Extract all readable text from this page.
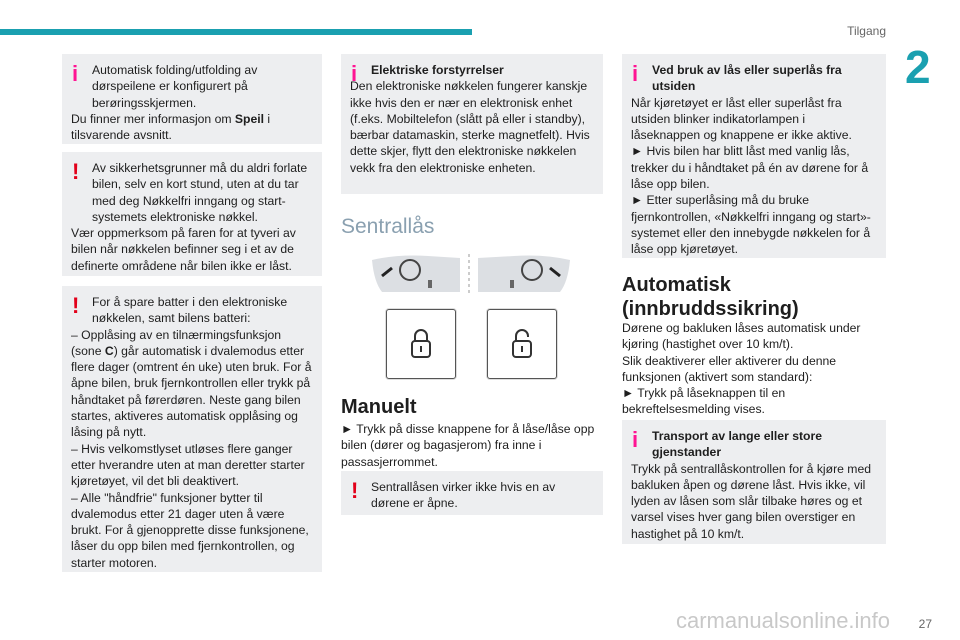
Tilgang
2
i	Automatisk folding/utfolding av dørspeilene er konfigurert på berøringsskjermen.

Du finner mer informasjon om Speil i tilsvarende avsnitt.

!	Av sikkerhetsgrunner må du aldri forlate bilen, selv en kort stund, uten at du tar med deg Nøkkelfri inngang og start-systemets elektroniske nøkkel.

Vær oppmerksom på faren for at tyveri av bilen når nøkkelen befinner seg i et av de definerte områdene når bilen ikke er låst.

!	For å spare batter i den elektroniske nøkkelen, samt bilens batteri:

– Opplåsing av en tilnærmingsfunksjon (sone C) går automatisk i dvalemodus etter flere dager (omtrent én uke) uten bruk. For å åpne bilen, bruk fjernkontrollen eller trykk på håndtaket på førerdøren. Neste gang bilen startes, aktiveres automatisk opplåsing og låsing på nytt.

– Hvis velkomstlyset utløses flere ganger etter hverandre uten at man deretter starter kjøretøyet, vil det bli deaktivert.

– Alle "håndfrie" funksjoner bytter til dvalemodus etter 21 dager uten å være brukt. For å gjenopprette disse funksjonene, låser du opp bilen med fjernkontrollen, og starter motoren.

i	Elektriske forstyrrelser

Den elektroniske nøkkelen fungerer kanskje ikke hvis den er nær en elektronisk enhet (f.eks. Mobiltelefon (slått på eller i standby), bærbar datamaskin, sterke magnetfelt). Hvis dette skjer, flytt den elektroniske nøkkelen vekk fra den elektroniske enheten.

Sentrallås
Manuelt

► Trykk på disse knappene for å låse/låse opp bilen (dører og bagasjerom) fra inne i passasjerrommet.

!	Sentrallåsen virker ikke hvis en av dørene er åpne.

i	Ved bruk av lås eller superlås fra utsiden

Når kjøretøyet er låst eller superlåst fra utsiden blinker indikatorlampen i låseknappen og knappene er ikke aktive.

► Hvis bilen har blitt låst med vanlig lås, trekker du i håndtaket på én av dørene for å låse opp bilen.

► Etter superlåsing må du bruke fjernkontrollen, «Nøkkelfri inngang og start»-systemet eller den innebygde nøkkelen for å låse opp kjøretøyet.

Automatisk
(innbruddssikring)

Dørene og bakluken låses automatisk under kjøring (hastighet over 10 km/t).

Slik deaktiverer eller aktiverer du denne funksjonen (aktivert som standard):

► Trykk på låseknappen til en bekreftelsesmelding vises.

i	Transport av lange eller store gjenstander

Trykk på sentrallåskontrollen for å kjøre med bakluken åpen og dørene låst. Hvis ikke, vil lyden av låsen som slår tilbake høres og et varsel vises hver gang bilen overstiger en hastighet på 10 km/t.

27
carmanualsonline.info
